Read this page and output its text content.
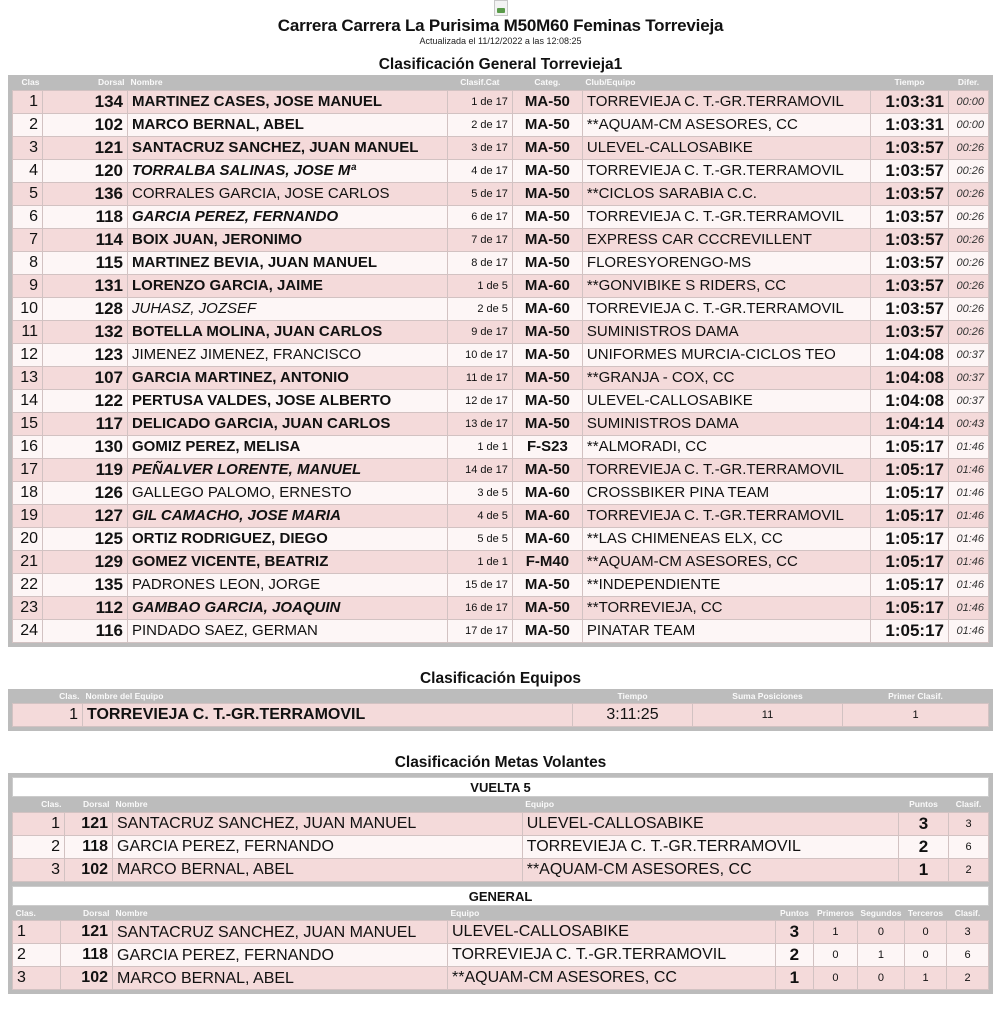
Carrera Carrera La Purisima M50M60 Feminas Torrevieja
Actualizada el 11/12/2022 a las 12:08:25
Clasificación General Torrevieja1
Clas	Dorsal	Nombre	Clasif.Cat	Categ.	Club/Equipo	Tiempo	Difer.
1	134	MARTINEZ CASES, JOSE MANUEL	1 de 17	MA-50	TORREVIEJA C. T.-GR.TERRAMOVIL	1:03:31	00:00
2	102	MARCO BERNAL, ABEL	2 de 17	MA-50	**AQUAM-CM ASESORES, CC	1:03:31	00:00
3	121	SANTACRUZ SANCHEZ, JUAN MANUEL	3 de 17	MA-50	ULEVEL-CALLOSABIKE	1:03:57	00:26
4	120	TORRALBA SALINAS, JOSE Mª	4 de 17	MA-50	TORREVIEJA C. T.-GR.TERRAMOVIL	1:03:57	00:26
5	136	CORRALES GARCIA, JOSE CARLOS	5 de 17	MA-50	**CICLOS SARABIA C.C.	1:03:57	00:26
6	118	GARCIA PEREZ, FERNANDO	6 de 17	MA-50	TORREVIEJA C. T.-GR.TERRAMOVIL	1:03:57	00:26
7	114	BOIX JUAN, JERONIMO	7 de 17	MA-50	EXPRESS CAR CCCREVILLENT	1:03:57	00:26
8	115	MARTINEZ BEVIA, JUAN MANUEL	8 de 17	MA-50	FLORESYORENGO-MS	1:03:57	00:26
9	131	LORENZO GARCIA, JAIME	1 de 5	MA-60	**GONVIBIKE S RIDERS, CC	1:03:57	00:26
10	128	JUHASZ, JOZSEF	2 de 5	MA-60	TORREVIEJA C. T.-GR.TERRAMOVIL	1:03:57	00:26
11	132	BOTELLA MOLINA, JUAN CARLOS	9 de 17	MA-50	SUMINISTROS DAMA	1:03:57	00:26
12	123	JIMENEZ JIMENEZ, FRANCISCO	10 de 17	MA-50	UNIFORMES MURCIA-CICLOS TEO	1:04:08	00:37
13	107	GARCIA MARTINEZ, ANTONIO	11 de 17	MA-50	**GRANJA - COX, CC	1:04:08	00:37
14	122	PERTUSA VALDES, JOSE ALBERTO	12 de 17	MA-50	ULEVEL-CALLOSABIKE	1:04:08	00:37
15	117	DELICADO GARCIA, JUAN CARLOS	13 de 17	MA-50	SUMINISTROS DAMA	1:04:14	00:43
16	130	GOMIZ PEREZ, MELISA	1 de 1	F-S23	**ALMORADI, CC	1:05:17	01:46
17	119	PEÑALVER LORENTE, MANUEL	14 de 17	MA-50	TORREVIEJA C. T.-GR.TERRAMOVIL	1:05:17	01:46
18	126	GALLEGO PALOMO, ERNESTO	3 de 5	MA-60	CROSSBIKER PINA TEAM	1:05:17	01:46
19	127	GIL CAMACHO, JOSE MARIA	4 de 5	MA-60	TORREVIEJA C. T.-GR.TERRAMOVIL	1:05:17	01:46
20	125	ORTIZ RODRIGUEZ, DIEGO	5 de 5	MA-60	**LAS CHIMENEAS ELX, CC	1:05:17	01:46
21	129	GOMEZ VICENTE, BEATRIZ	1 de 1	F-M40	**AQUAM-CM ASESORES, CC	1:05:17	01:46
22	135	PADRONES LEON, JORGE	15 de 17	MA-50	**INDEPENDIENTE	1:05:17	01:46
23	112	GAMBAO GARCIA, JOAQUIN	16 de 17	MA-50	**TORREVIEJA, CC	1:05:17	01:46
24	116	PINDADO SAEZ, GERMAN	17 de 17	MA-50	PINATAR TEAM	1:05:17	01:46
Clasificación Equipos
Clas.	Nombre del Equipo	Tiempo	Suma Posiciones	Primer Clasif.
1	TORREVIEJA C. T.-GR.TERRAMOVIL	3:11:25	11	1
Clasificación Metas Volantes
VUELTA 5
Clas.	Dorsal	Nombre	Equipo	Puntos	Clasif.
1	121	SANTACRUZ SANCHEZ, JUAN MANUEL	ULEVEL-CALLOSABIKE	3	3
2	118	GARCIA PEREZ, FERNANDO	TORREVIEJA C. T.-GR.TERRAMOVIL	2	6
3	102	MARCO BERNAL, ABEL	**AQUAM-CM ASESORES, CC	1	2
GENERAL
Clas.	Dorsal	Nombre	Equipo	Puntos	Primeros	Segundos	Terceros	Clasif.
1	121	SANTACRUZ SANCHEZ, JUAN MANUEL	ULEVEL-CALLOSABIKE	3	1	0	0	3
2	118	GARCIA PEREZ, FERNANDO	TORREVIEJA C. T.-GR.TERRAMOVIL	2	0	1	0	6
3	102	MARCO BERNAL, ABEL	**AQUAM-CM ASESORES, CC	1	0	0	1	2
